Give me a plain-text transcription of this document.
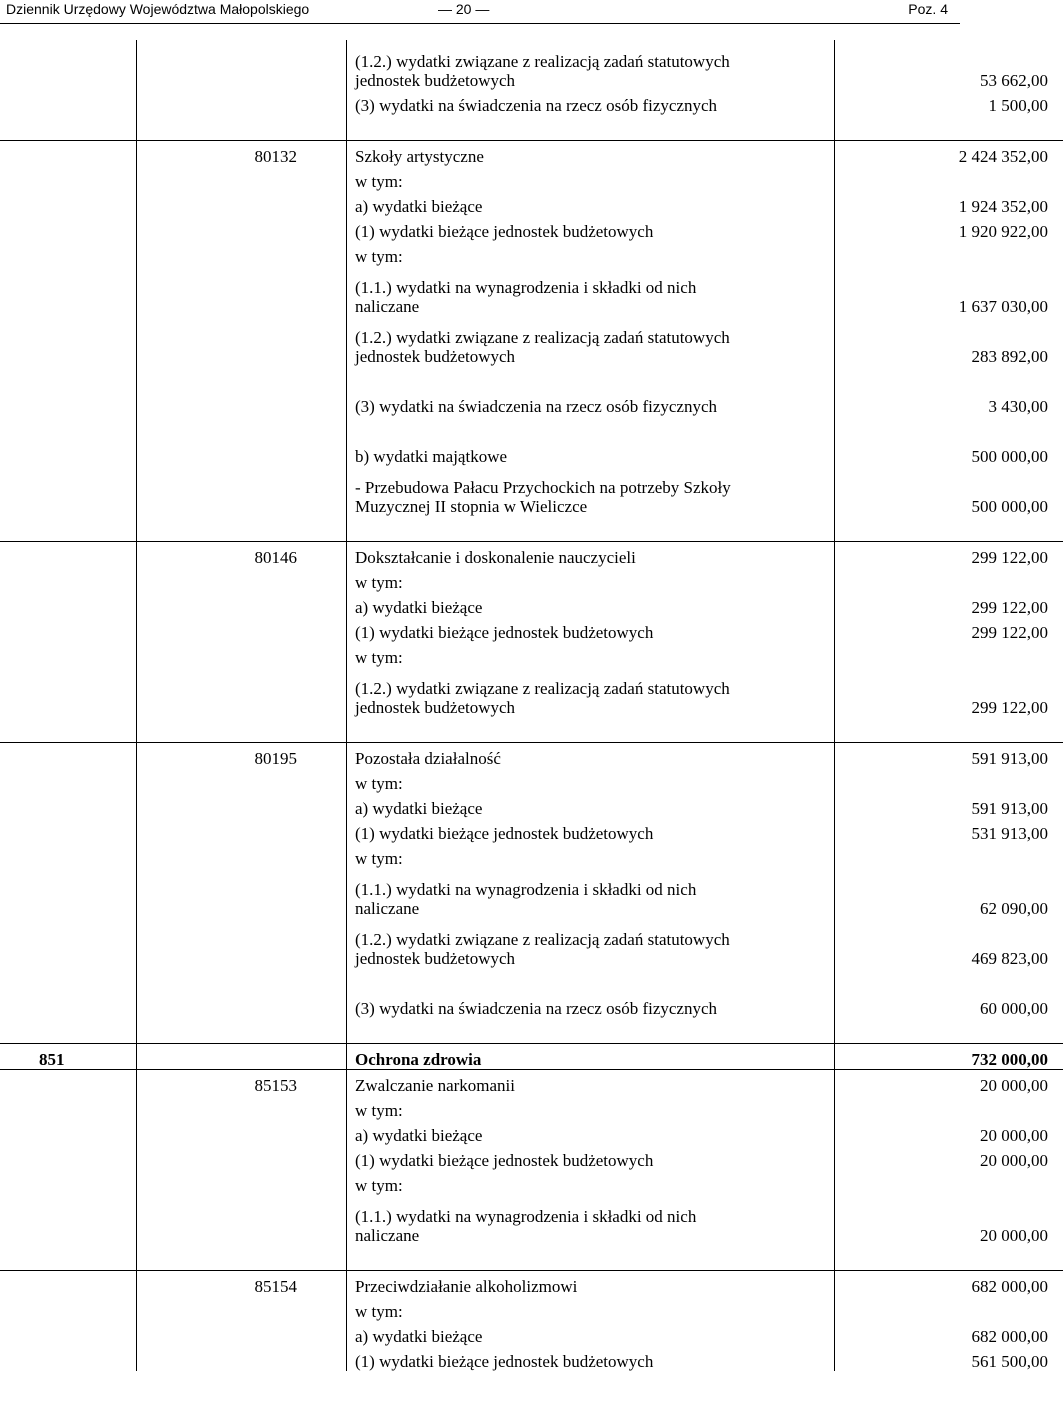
Dziennik Urzędowy Województwa Małopolskiego	— 20 —	Poz. 4

		(1.2.) wydatki związane z realizacją zadań statutowych
jednostek budżetowych	53 662,00

		(3) wydatki na świadczenia na rzecz osób fizycznych	1 500,00

	80132	Szkoły artystyczne	2 424 352,00

		w tym:	

		a) wydatki bieżące	1 924 352,00

		(1) wydatki bieżące jednostek budżetowych	1 920 922,00

		w tym:	

		(1.1.) wydatki na wynagrodzenia i składki od nich
naliczane	1 637 030,00

		(1.2.) wydatki związane z realizacją zadań statutowych
jednostek budżetowych	283 892,00

		(3) wydatki na świadczenia na rzecz osób fizycznych	3 430,00

		b) wydatki majątkowe	500 000,00

		- Przebudowa Pałacu Przychockich na potrzeby Szkoły
Muzycznej II stopnia w Wieliczce	500 000,00

	80146	Dokształcanie i doskonalenie nauczycieli	299 122,00

		w tym:	

		a) wydatki bieżące	299 122,00

		(1) wydatki bieżące jednostek budżetowych	299 122,00

		w tym:	

		(1.2.) wydatki związane z realizacją zadań statutowych
jednostek budżetowych	299 122,00

	80195	Pozostała działalność	591 913,00

		w tym:	

		a) wydatki bieżące	591 913,00

		(1) wydatki bieżące jednostek budżetowych	531 913,00

		w tym:	

		(1.1.) wydatki na wynagrodzenia i składki od nich
naliczane	62 090,00

		(1.2.) wydatki związane z realizacją zadań statutowych
jednostek budżetowych	469 823,00

		(3) wydatki na świadczenia na rzecz osób fizycznych	60 000,00

851		Ochrona zdrowia	732 000,00
	85153	Zwalczanie narkomanii	20 000,00

		w tym:	

		a) wydatki bieżące	20 000,00

		(1) wydatki bieżące jednostek budżetowych	20 000,00

		w tym:	

		(1.1.) wydatki na wynagrodzenia i składki od nich
naliczane	20 000,00

	85154	Przeciwdziałanie alkoholizmowi	682 000,00

		w tym:	

		a) wydatki bieżące	682 000,00

		(1) wydatki bieżące jednostek budżetowych	561 500,00
